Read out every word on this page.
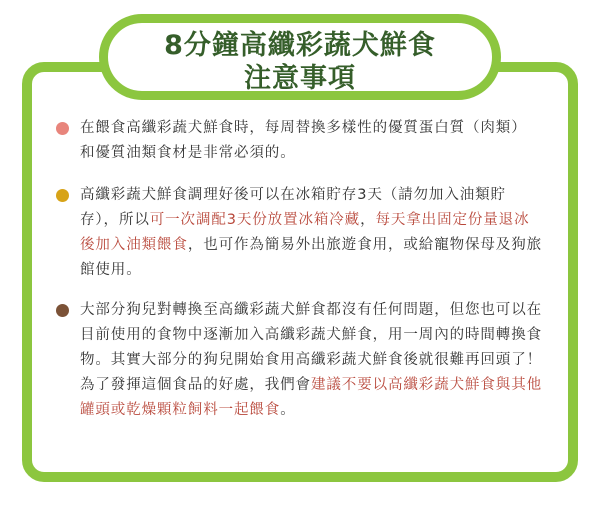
8分鐘高纖彩蔬犬鮮食
注意事項
在餵食高纖彩蔬犬鮮食時，每周替換多樣性的優質蛋白質（肉類） 和優質油類食材是非常必須的。
高纖彩蔬犬鮮食調理好後可以在冰箱貯存3天（請勿加入油類貯存），所以可一次調配3天份放置冰箱冷藏，每天拿出固定份量退冰後加入油類餵食，也可作為簡易外出旅遊食用，或給寵物保母及狗旅館使用。
大部分狗兒對轉換至高纖彩蔬犬鮮食都沒有任何問題，但您也可以在目前使用的食物中逐漸加入高纖彩蔬犬鮮食，用一周內的時間轉換食物。其實大部分的狗兒開始食用高纖彩蔬犬鮮食後就很難再回頭了！ 為了發揮這個食品的好處，我們會建議不要以高纖彩蔬犬鮮食與其他罐頭或乾燥顆粒飼料一起餵食。
